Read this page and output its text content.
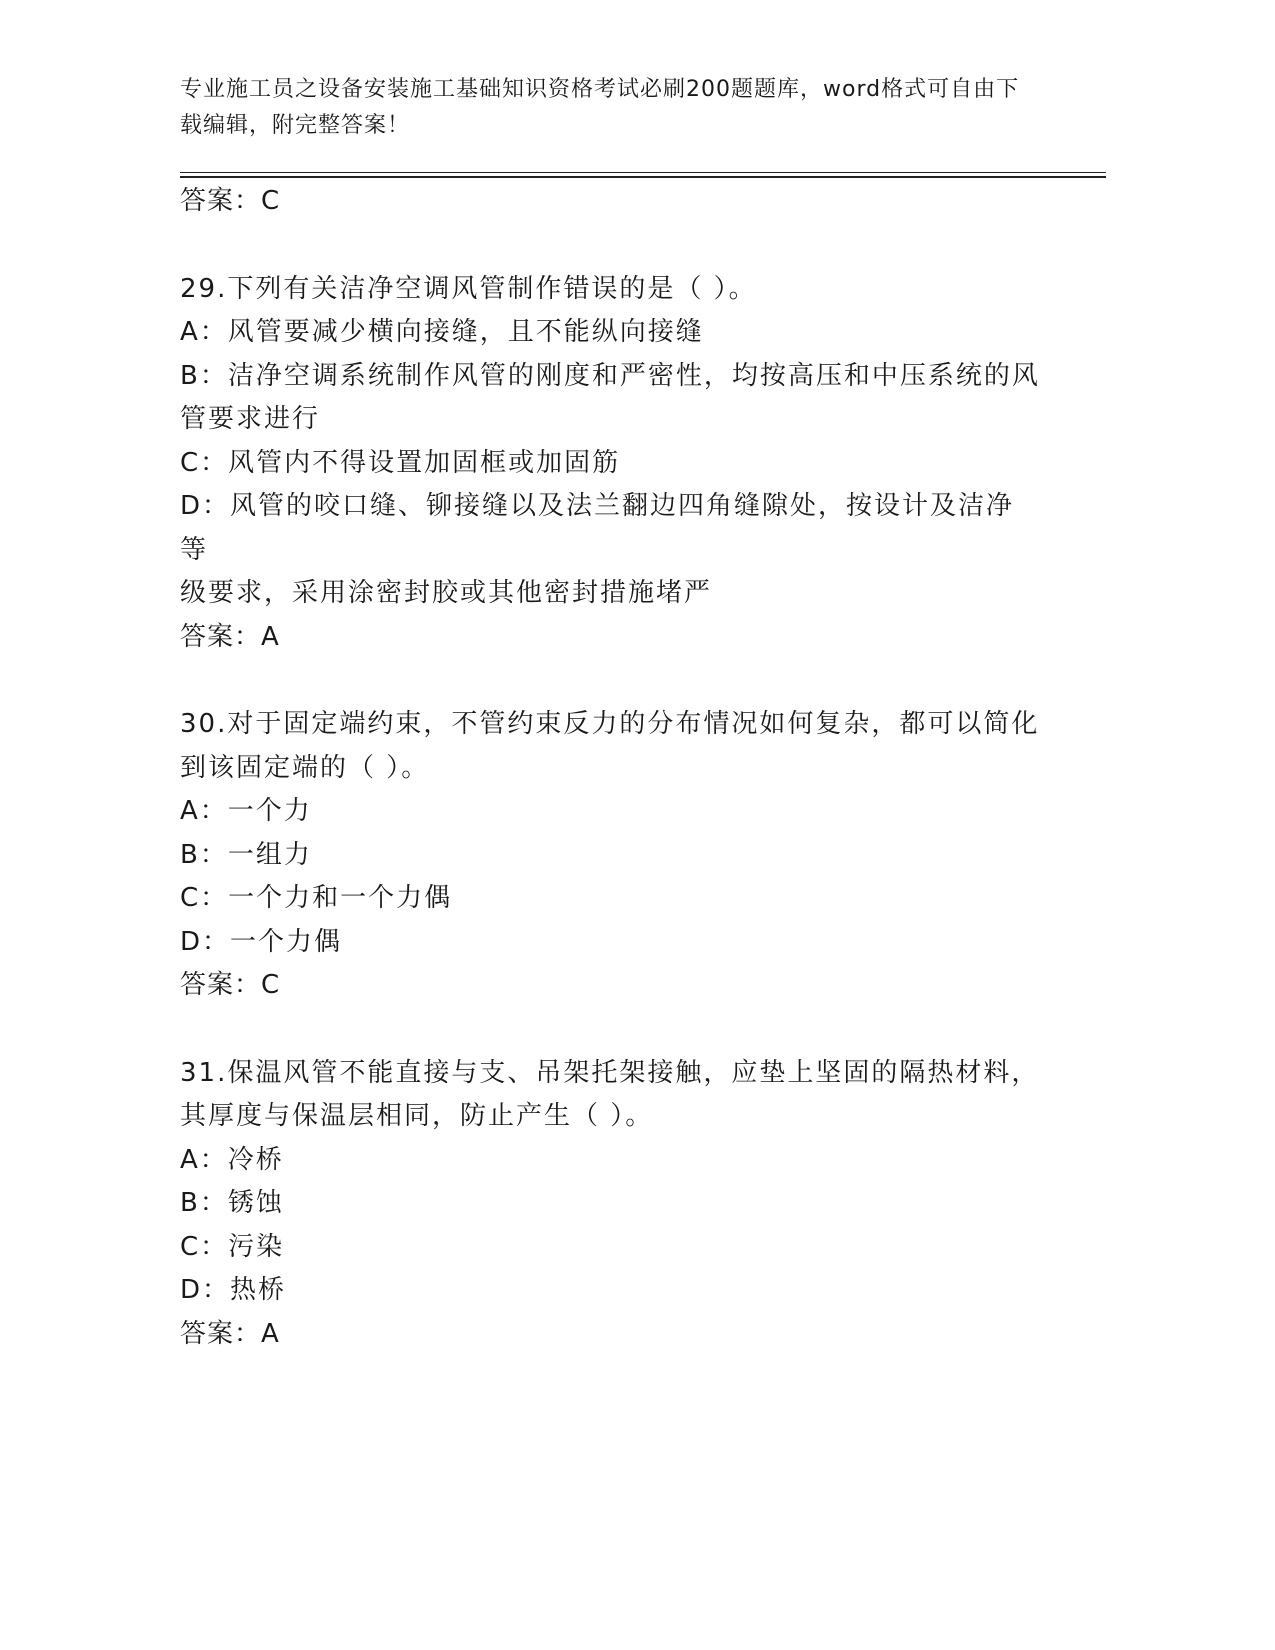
专业施工员之设备安装施工基础知识资格考试必刷200题题库，word格式可自由下载编辑，附完整答案！
答案：C
29.下列有关洁净空调风管制作错误的是（ ）。
A：风管要减少横向接缝，且不能纵向接缝
B：洁净空调系统制作风管的刚度和严密性，均按高压和中压系统的风
管要求进行
C：风管内不得设置加固框或加固筋
D：风管的咬口缝、铆接缝以及法兰翻边四角缝隙处，按设计及洁净等
级要求，采用涂密封胶或其他密封措施堵严
答案：A
30.对于固定端约束，不管约束反力的分布情况如何复杂，都可以简化
到该固定端的（ ）。
A：一个力
B：一组力
C：一个力和一个力偶
D：一个力偶
答案：C
31.保温风管不能直接与支、吊架托架接触，应垫上坚固的隔热材料，
其厚度与保温层相同，防止产生（ ）。
A：冷桥
B：锈蚀
C：污染
D：热桥
答案：A
